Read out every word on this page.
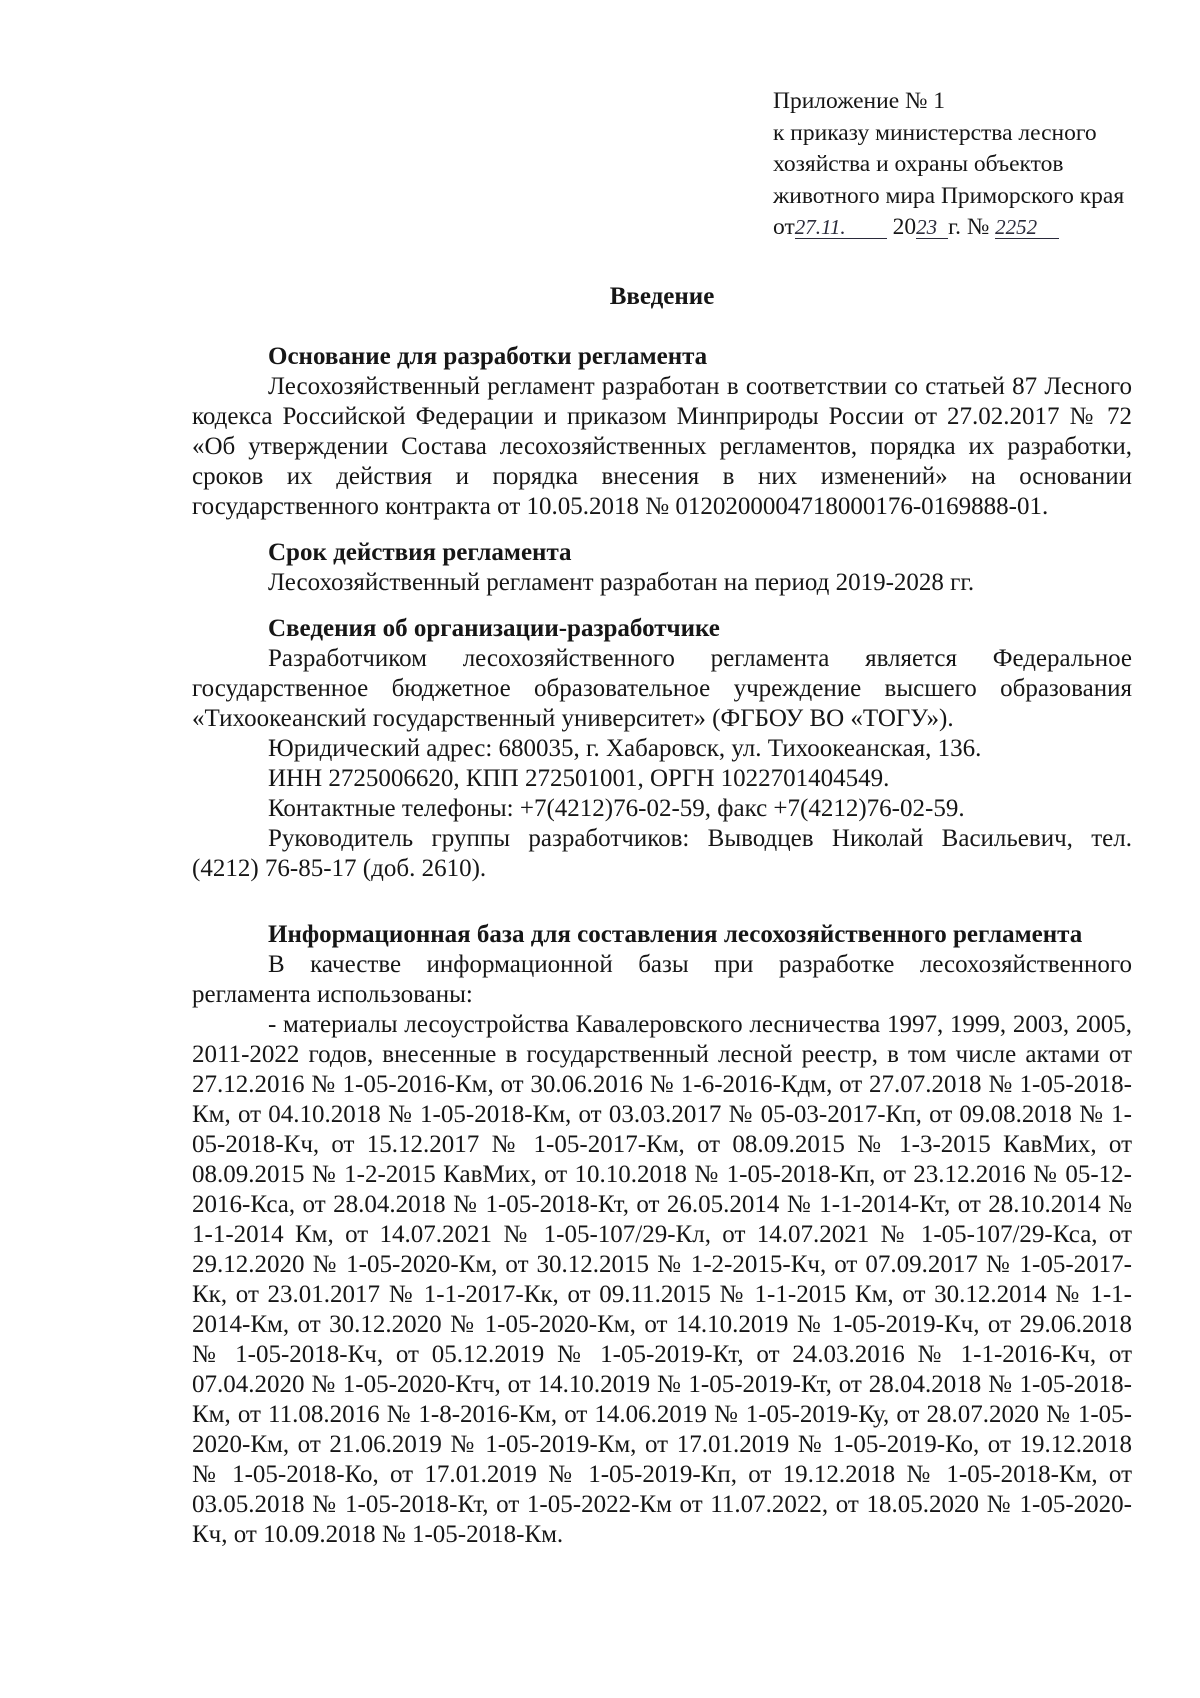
Приложение № 1
к приказу министерства лесного
хозяйства и охраны объектов
животного мира Приморского края
от27.11. 2023 г. № 2252
Введение
Основание для разработки регламента

Лесохозяйственный регламент разработан в соответствии со статьей 87 Лесного кодекса Российской Федерации и приказом Минприроды России от 27.02.2017 № 72 «Об утверждении Состава лесохозяйственных регламентов, порядка их разработки, сроков их действия и порядка внесения в них изменений» на основании государственного контракта от 10.05.2018 № 0120200004718000176-0169888-01.

Срок действия регламента

Лесохозяйственный регламент разработан на период 2019-2028 гг.

Сведения об организации-разработчике

Разработчиком лесохозяйственного регламента является Федеральное государственное бюджетное образовательное учреждение высшего образования «Тихоокеанский государственный университет» (ФГБОУ ВО «ТОГУ»).

Юридический адрес: 680035, г. Хабаровск, ул. Тихоокеанская, 136.

ИНН 2725006620, КПП 272501001, ОРГН 1022701404549.

Контактные телефоны: +7(4212)76-02-59, факс +7(4212)76-02-59.

Руководитель группы разработчиков: Выводцев Николай Васильевич, тел. (4212) 76-85-17 (доб. 2610).

Информационная база для составления лесохозяйственного регламента

В качестве информационной базы при разработке лесохозяйственного регламента использованы:

- материалы лесоустройства Кавалеровского лесничества 1997, 1999, 2003, 2005, 2011-2022 годов, внесенные в государственный лесной реестр, в том числе актами от 27.12.2016 № 1-05-2016-Км, от 30.06.2016 № 1-6-2016-Кдм, от 27.07.2018 № 1-05-2018-Км, от 04.10.2018 № 1-05-2018-Км, от 03.03.2017 № 05-03-2017-Кп, от 09.08.2018 № 1-05-2018-Кч, от 15.12.2017 № 1-05-2017-Км, от 08.09.2015 № 1-3-2015 КавМих, от 08.09.2015 № 1-2-2015 КавМих, от 10.10.2018 № 1-05-2018-Кп, от 23.12.2016 № 05-12-2016-Кса, от 28.04.2018 № 1-05-2018-Кт, от 26.05.2014 № 1-1-2014-Кт, от 28.10.2014 № 1-1-2014 Км, от 14.07.2021 № 1-05-107/29-Кл, от 14.07.2021 № 1-05-107/29-Кса, от 29.12.2020 № 1-05-2020-Км, от 30.12.2015 № 1-2-2015-Кч, от 07.09.2017 № 1-05-2017-Кк, от 23.01.2017 № 1-1-2017-Кк, от 09.11.2015 № 1-1-2015 Км, от 30.12.2014 № 1-1-2014-Км, от 30.12.2020 № 1-05-2020-Км, от 14.10.2019 № 1-05-2019-Кч, от 29.06.2018 № 1-05-2018-Кч, от 05.12.2019 № 1-05-2019-Кт, от 24.03.2016 № 1-1-2016-Кч, от 07.04.2020 № 1-05-2020-Ктч, от 14.10.2019 № 1-05-2019-Кт, от 28.04.2018 № 1-05-2018-Км, от 11.08.2016 № 1-8-2016-Км, от 14.06.2019 № 1-05-2019-Ку, от 28.07.2020 № 1-05-2020-Км, от 21.06.2019 № 1-05-2019-Км, от 17.01.2019 № 1-05-2019-Ко, от 19.12.2018 № 1-05-2018-Ко, от 17.01.2019 № 1-05-2019-Кп, от 19.12.2018 № 1-05-2018-Км, от 03.05.2018 № 1-05-2018-Кт, от 1-05-2022-Км от 11.07.2022, от 18.05.2020 № 1-05-2020-Кч, от 10.09.2018 № 1-05-2018-Км.
